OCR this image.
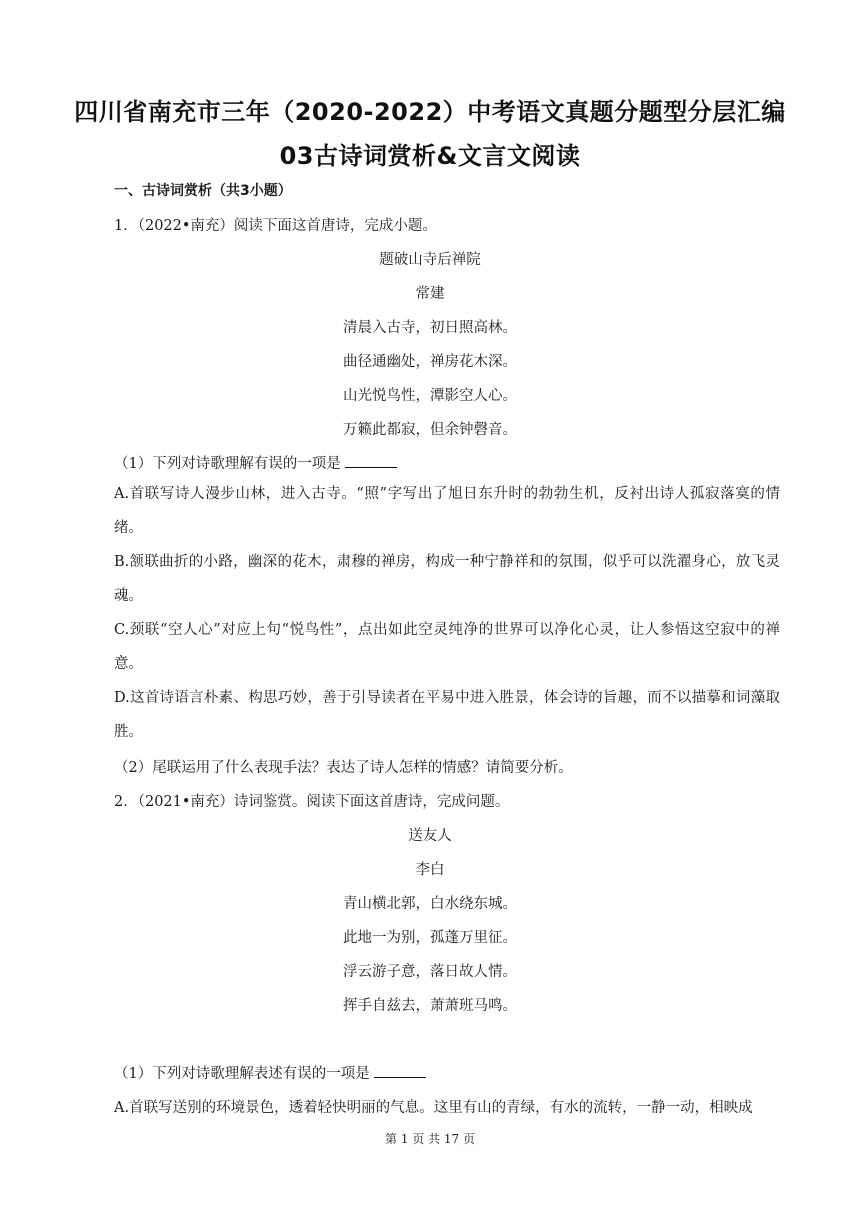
四川省南充市三年（2020-2022）中考语文真题分题型分层汇编
03古诗词赏析&文言文阅读
一、古诗词赏析（共3小题）
1．（2022•南充）阅读下面这首唐诗，完成小题。
题破山寺后禅院
常建
清晨入古寺，初日照高林。
曲径通幽处，禅房花木深。
山光悦鸟性，潭影空人心。
万籁此都寂，但余钟磬音。
（1）下列对诗歌理解有误的一项是
A.首联写诗人漫步山林，进入古寺。“照”字写出了旭日东升时的勃勃生机，反衬出诗人孤寂落寞的情绪。
B.颔联曲折的小路，幽深的花木，肃穆的禅房，构成一种宁静祥和的氛围，似乎可以洗濯身心，放飞灵魂。
C.颈联“空人心”对应上句“悦鸟性”，点出如此空灵纯净的世界可以净化心灵，让人参悟这空寂中的禅意。
D.这首诗语言朴素、构思巧妙，善于引导读者在平易中进入胜景，体会诗的旨趣，而不以描摹和词藻取胜。
（2）尾联运用了什么表现手法？表达了诗人怎样的情感？请简要分析。
2．（2021•南充）诗词鉴赏。阅读下面这首唐诗，完成问题。
送友人
李白
青山横北郭，白水绕东城。
此地一为别，孤蓬万里征。
浮云游子意，落日故人情。
挥手自兹去，萧萧班马鸣。
（1）下列对诗歌理解表述有误的一项是
A.首联写送别的环境景色，透着轻快明丽的气息。这里有山的青绿，有水的流转，一静一动，相映成
第 1 页 共 17 页
